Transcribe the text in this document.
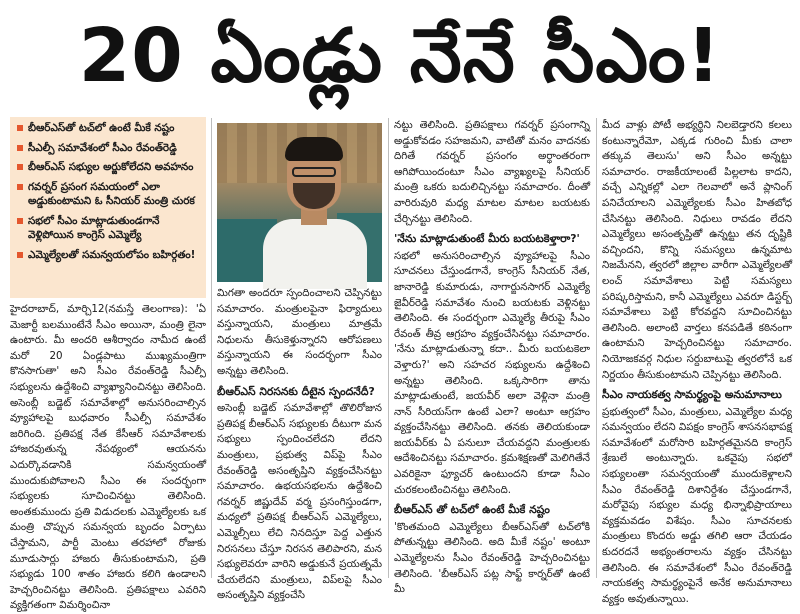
20 ఏండ్లు నేనే సీఎం!
బీఆర్ఎస్‌తో టచ్‌లో ఉంటే మీకే నష్టం
సీఎల్పీ సమావేశంలో సీఎం రేవంత్‌రెడ్డి
బీఆర్ఎస్ సభ్యుల అర్జుకోలేదని అవహనం
గవర్నర్ ప్రసంగ సమయంలో ఎలా అడ్డుకుంటామని ఓ సీనియర్ మంత్రి చురక
సభలో సీఎం మాట్లాడుతుండగానే వెళ్లిపోయిన కాంగ్రెస్ ఎమ్మెల్యే
ఎమ్మెల్యేలతో సమన్వయలోపం బహిర్గతం!

హైదరాబాద్, మార్చి12(నమస్తే తెలంగాణ): 'ఏ మెజార్టీ బలముంటేనే సీఎం అయినా, మంత్రి లైనా ఉంటారు. మీ అందరి ఆశీర్వాదం నామీద ఉంటే మరో 20 ఏండ్లపాటు ముఖ్యమంత్రిగా కొనసాగుతా' అని సీఎం రేవంత్‌రెడ్డి సీఎల్పీ సభ్యులను ఉద్దేశించి వ్యాఖ్యానించినట్టు తెలిసింది. అసెంబ్లీ బడ్జెట్ సమావేశాల్లో అనుసరించాల్సిన వ్యూహాలపై బుధవారం సీఎల్పీ సమావేశం జరిగింది. ప్రతిపక్ష నేత కేసీఆర్ సమావేశాలకు హాజరవుతున్న నేపథ్యంలో ఆయనను ఎదుర్కొవడానికి సమన్వయంతో ముందుకుపోవాలని సీఎం ఈ సందర్భంగా సభ్యులకు సూచించినట్టు తెలిసింది. అంతకుముందు ప్రతి విడుదలకు ఎమ్మెల్యేలకు ఒక మంత్రి చొప్పున సమన్వయ బృందం ఏర్పాటు చేస్తామని, పార్టీ మెంటు తరహాలో రోజుకు మూడుసార్లు హాజరు తీసుకుంటామని, ప్రతి సభ్యుడు 100 శాతం హాజరు కలిగి ఉండాలని హెచ్చరించినట్టు తెలిసింది. ప్రతిపక్షాలు ఎవరిని వ్యక్తిగతంగా విమర్శించినా

మిగతా అందరూ స్పందించాలని చెప్పినట్టు సమాచారం. మంత్రులపైనా ఫిర్యాదులు వస్తున్నాయని, మంత్రులు మాత్రమే నిధులను తీసుకెళ్తున్నారని ఆరోపణలు వస్తున్నాయని ఈ సందర్భంగా సీఎం అన్నట్టు తెలిసింది.

బీఆర్ఎస్ నిరసనకు దీటైన స్పందనేదీ?

అసెంబ్లీ బడ్జెట్ సమావేశాల్లో తొలిరోజున ప్రతిపక్ష బీఆర్ఎస్ సభ్యులకు దీటుగా మన సభ్యులు స్పందించలేదని లేదని మంత్రులు, ప్రభుత్వ విప్‌పై సీఎం రేవంత్‌రెడ్డి అసంతృప్తిని వ్యక్తంచేసినట్టు సమాచారం. ఉభయసభలను ఉద్దేశించి గవర్నర్ జిష్ణుదేవ్ వర్మ ప్రసంగిస్తుండగా, మధ్యలో ప్రతిపక్ష బీఆర్ఎస్ ఎమ్మెల్యేలు, ఎమ్మెల్సీలు లేచి నినదిస్తూ పెద్ద ఎత్తున నిరసనలు చేస్తూ నిరసన తెలిపారని, మన సభ్యులెవరూ వారిని అడ్డుకునే ప్రయత్నమే చేయలేదని మంత్రులు, విప్‌లపై సీఎం అసంతృప్తిని వ్యక్తంచేసి

నట్టు తెలిసింది. ప్రతిపక్షాలు గవర్నర్ ప్రసంగాన్ని అడ్డుకోవడం సహజమని, వాటితో మనం వాదనకు దిగితే గవర్నర్ ప్రసంగం అర్థాంతరంగా ఆగిపోయిందంటూ సీఎం వ్యాఖ్యలపై సీనియర్ మంత్రి ఒకరు బదులిచ్చినట్టు సమాచారం. దీంతో వారిరువురి మధ్య మాటల మాటల బయటకు చేర్చినట్టు తెలిసింది.

'నేను మాట్లాడుతుంటే మీరు బయటకెళ్తారా?'

సభలో అనుసరించాల్సిన వ్యూహాలపై సీఎం సూచనలు చేస్తుండగానే, కాంగ్రెస్ సీనియర్ నేత, జానారెడ్డి కుమారుడు, నాగార్జునసాగర్ ఎమ్మెల్యే జైవీర్‌రెడ్డి సమావేశం నుంచి బయటకు వెళ్లినట్టు తెలిసింది. ఈ సందర్భంగా ఎమ్మెల్యే తీరుపై సీఎం రేవంత్ తీవ్ర ఆగ్రహం వ్యక్తంచేసినట్టు సమాచారం. 'నేను మాట్లాడుతున్నా కదా.. మీరు బయటకెలా వెళ్తారు?' అని సహచర సభ్యులను ఉద్దేశించి అన్నట్టు తెలిసింది. ఒక్కసారిగా తాను మాట్లాడుతుంటే, జయవీర్ అలా వెళ్లినా మంత్రి నాన్ సీరియస్‌గా ఉంటే ఎలా? అంటూ ఆగ్రహం వ్యక్తంచేసినట్టు తెలిసింది. తనకు తెలియకుండా జయవీర్‌కు ఏ పనులూ చేయవద్దని మంత్రులకు ఆదేశించినట్టు సమాచారం. క్రమశిక్షణతో మెలిగితేనే ఎవరికైనా ఫ్యూచర్ ఉంటుందని కూడా సీఎం చురకలంటించినట్టు తెలిసింది.

బీఆర్ఎస్ తో టచ్‌లో ఉంటే మీకే నష్టం

'కొంతమంది ఎమ్మెల్యేలు బీఆర్ఎస్‌తో టచ్‌లోకి పోతున్నట్టు తెలిసింది. అది మీకే నష్టం' అంటూ ఎమ్మెల్యేలను సీఎం రేవంత్‌రెడ్డి హెచ్చరించినట్టు తెలిసింది. 'బీఆర్ఎస్ పట్ల సాఫ్ట్ కార్నర్‌తో ఉంటే మీ

మీద వాళ్లు పోటీ అభ్యర్థిని నిలబెడ్తారని కలలు కంటున్నారేమో, ఎక్కడ గురించి మీకు చాలా తక్కువ తెలుసు' అని సీఎం అన్నట్టు సమాచారం. రాజకీయాలంటే పిల్లలాట కాదని, వచ్చే ఎన్నికల్లో ఎలా గెలవాలో అనే ప్లానింగ్ పనిచేయాలని ఎమ్మెల్యేలకు సీఎం హితబోధ చేసినట్టు తెలిసింది. నిధులు రావడం లేదని ఎమ్మెల్యేలు అసంతృప్తితో ఉన్నట్టు తన దృష్టికి వచ్చిందని, కొన్ని సమస్యలు ఉన్నమాట నిజమేనని, త్వరలో జిల్లాల వారీగా ఎమ్మెల్యేలతో లంచ్ సమావేశాలు పెట్టి సమస్యలు పరిష్కరిస్తామని, కానీ ఎమ్మెల్యేలు ఎవరూ డిస్టర్బ్ సమావేశాలు పెట్టి కోరవద్దని సూచించినట్టు తెలిసింది. అలాంటి వార్తలు కనపడితే కఠినంగా ఉంటామని హెచ్చరించినట్టు సమాచారం. నియోజకవర్గ నిధుల సర్దుబాటుపై త్వరలోనే ఒక నిర్ణయం తీసుకుంటామని చెప్పినట్టు తెలిసింది.

సీఎం నాయకత్వ సామర్థ్యంపై అనుమానాలు

ప్రభుత్వంలో సీఎం, మంత్రులు, ఎమ్మెల్యేల మధ్య సమన్వయం లేదని విపక్షం కాంగ్రెస్ శాసనసభాపక్ష సమావేశంలో మరోసారి బహిర్గతమైనది కాంగ్రెస్ శ్రేణులే అంటున్నారు. ఒకవైపు సభలో సభ్యులంతా సమన్వయంతో ముందుకెళ్లాలని సీఎం రేవంత్‌రెడ్డి దిశానిర్దేశం చేస్తుండగానే, మరోవైపు సభ్యుల మధ్య భిన్నాభిప్రాయాలు వ్యక్తమవడం విశేషం. సీఎం సూచనలకు మంత్రులు కొందరు అడ్డు తగిలి ఆరా చేయడం కుదరదనే అభ్యంతరాలను వ్యక్తం చేసినట్టు తెలిసింది. ఈ సమావేశంలో సీఎం రేవంత్‌రెడ్డి నాయకత్వ సామర్థ్యంపైనే అనేక అనుమానాలు వ్యక్తం అవుతున్నాయి.
